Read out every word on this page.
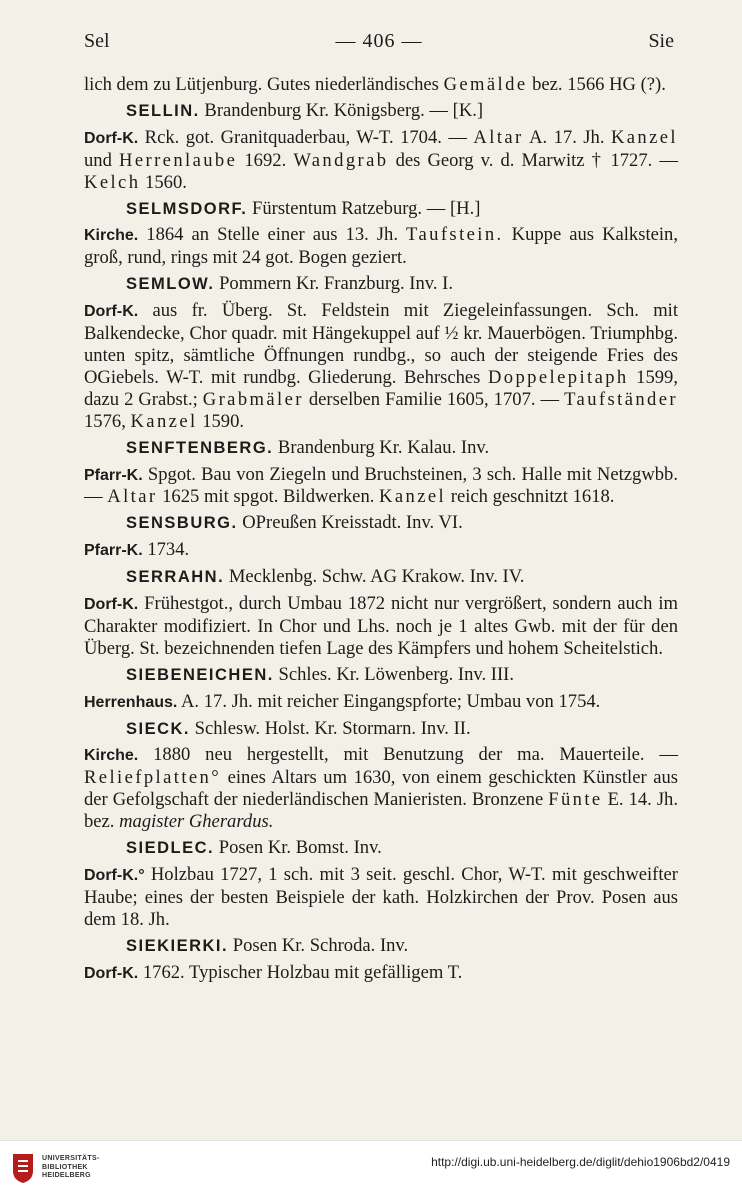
Sel	— 406 —	Sie

lich dem zu Lütjenburg. Gutes niederländisches Gemälde bez. 1566 HG (?).

SELLIN. Brandenburg Kr. Königsberg. — [K.]

Dorf-K. Rck. got. Granitquaderbau, W-T. 1704. — Altar A. 17. Jh. Kanzel und Herrenlaube 1692. Wandgrab des Georg v. d. Marwitz † 1727. — Kelch 1560.

SELMSDORF. Fürstentum Ratzeburg. — [H.]

Kirche. 1864 an Stelle einer aus 13. Jh. Taufstein. Kuppe aus Kalkstein, groß, rund, rings mit 24 got. Bogen geziert.

SEMLOW. Pommern Kr. Franzburg. Inv. I.

Dorf-K. aus fr. Überg. St. Feldstein mit Ziegeleinfassungen. Sch. mit Balkendecke, Chor quadr. mit Hängekuppel auf ½ kr. Mauerbögen. Triumphbg. unten spitz, sämtliche Öffnungen rundbg., so auch der steigende Fries des OGiebels. W-T. mit rundbg. Gliederung. Behrsches Doppelepitaph 1599, dazu 2 Grabst.; Grabmäler derselben Familie 1605, 1707. — Taufständer 1576, Kanzel 1590.

SENFTENBERG. Brandenburg Kr. Kalau. Inv.

Pfarr-K. Spgot. Bau von Ziegeln und Bruchsteinen, 3 sch. Halle mit Netzgwbb. — Altar 1625 mit spgot. Bildwerken. Kanzel reich geschnitzt 1618.

SENSBURG. OPreußen Kreisstadt. Inv. VI.

Pfarr-K. 1734.

SERRAHN. Mecklenbg. Schw. AG Krakow. Inv. IV.

Dorf-K. Frühestgot., durch Umbau 1872 nicht nur vergrößert, sondern auch im Charakter modifiziert. In Chor und Lhs. noch je 1 altes Gwb. mit der für den Überg. St. bezeichnenden tiefen Lage des Kämpfers und hohem Scheitelstich.

SIEBENEICHEN. Schles. Kr. Löwenberg. Inv. III.

Herrenhaus. A. 17. Jh. mit reicher Eingangspforte; Umbau von 1754.

SIECK. Schlesw. Holst. Kr. Stormarn. Inv. II.

Kirche. 1880 neu hergestellt, mit Benutzung der ma. Mauerteile. — Reliefplatten° eines Altars um 1630, von einem geschickten Künstler aus der Gefolgschaft der niederländischen Manieristen. Bronzene Fünte E. 14. Jh. bez. magister Gherardus.

SIEDLEC. Posen Kr. Bomst. Inv.

Dorf-K.° Holzbau 1727, 1 sch. mit 3 seit. geschl. Chor, W-T. mit geschweifter Haube; eines der besten Beispiele der kath. Holzkirchen der Prov. Posen aus dem 18. Jh.

SIEKIERKI. Posen Kr. Schroda. Inv.

Dorf-K. 1762. Typischer Holzbau mit gefälligem T.

UNIVERSITÄTS-
BIBLIOTHEK
HEIDELBERG
http://digi.ub.uni-heidelberg.de/diglit/dehio1906bd2/0419
